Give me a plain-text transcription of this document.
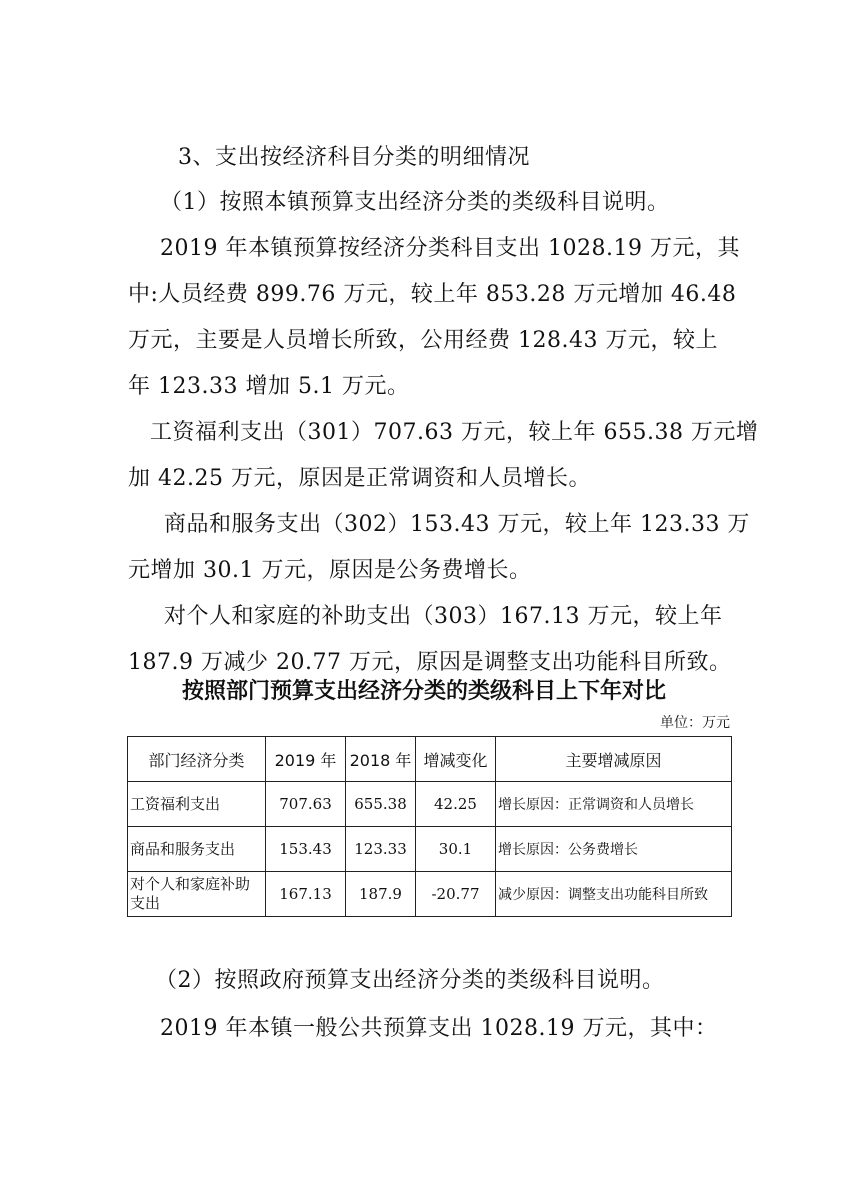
3、支出按经济科目分类的明细情况

（1）按照本镇预算支出经济分类的类级科目说明。

2019 年本镇预算按经济分类科目支出 1028.19 万元，其

中:人员经费 899.76 万元，较上年 853.28 万元增加 46.48

万元，主要是人员增长所致，公用经费 128.43 万元，较上

年 123.33 增加 5.1 万元。

工资福利支出（301）707.63 万元，较上年 655.38 万元增

加 42.25 万元，原因是正常调资和人员增长。

商品和服务支出（302）153.43 万元，较上年 123.33 万

元增加 30.1 万元，原因是公务费增长。

对个人和家庭的补助支出（303）167.13 万元，较上年

187.9 万减少 20.77 万元，原因是调整支出功能科目所致。

按照部门预算支出经济分类的类级科目上下年对比
单位：万元
部门经济分类	2019 年	2018 年	增减变化	主要增减原因
工资福利支出	707.63	655.38	42.25	增长原因：正常调资和人员增长
商品和服务支出	153.43	123.33	30.1	增长原因：公务费增长
对个人和家庭补助支出	167.13	187.9	-20.77	减少原因：调整支出功能科目所致

（2）按照政府预算支出经济分类的类级科目说明。

2019 年本镇一般公共预算支出 1028.19 万元，其中：
